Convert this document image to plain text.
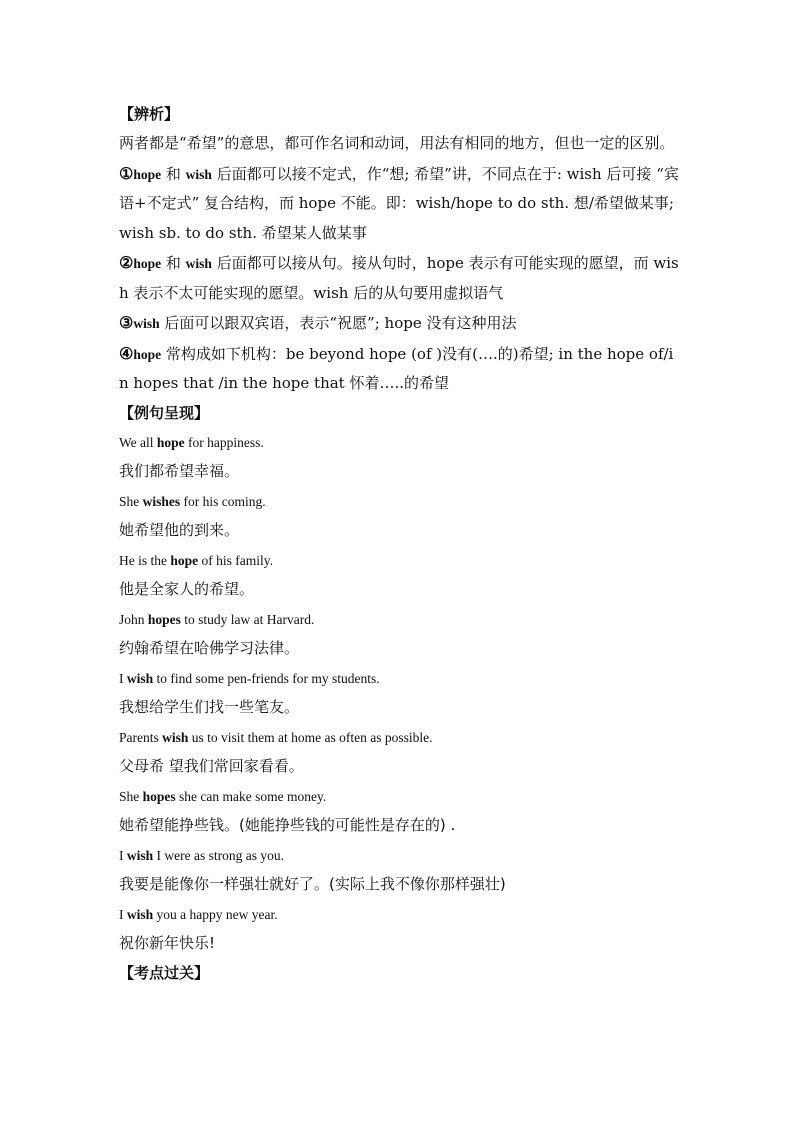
【辨析】
两者都是“希望”的意思，都可作名词和动词，用法有相同的地方，但也一定的区别。
①hope 和 wish 后面都可以接不定式，作“想; 希望”讲，不同点在于: wish 后可接 “宾语+不定式” 复合结构，而 hope 不能。即：wish/hope to do sth. 想/希望做某事; wish sb. to do sth. 希望某人做某事
②hope 和 wish 后面都可以接从句。接从句时，hope 表示有可能实现的愿望，而 wish 表示不太可能实现的愿望。wish 后的从句要用虚拟语气
③wish 后面可以跟双宾语，表示“祝愿”; hope 没有这种用法
④hope 常构成如下机构：be beyond hope (of )没有(….的)希望; in the hope of/in hopes that /in the hope that 怀着…..的希望
【例句呈现】
We all hope for happiness.
我们都希望幸福。
She wishes for his coming.
她希望他的到来。
He is the hope of his family.
他是全家人的希望。
John hopes to study law at Harvard.
约翰希望在哈佛学习法律。
I wish to find some pen-friends for my students.
我想给学生们找一些笔友。
Parents wish us to visit them at home as often as possible.
父母希 望我们常回家看看。
She hopes she can make some money.
她希望能挣些钱。(她能挣些钱的可能性是存在的) .
I wish I were as strong as you.
我要是能像你一样强壮就好了。(实际上我不像你那样强壮)
I wish you a happy new year.
祝你新年快乐!
【考点过关】
